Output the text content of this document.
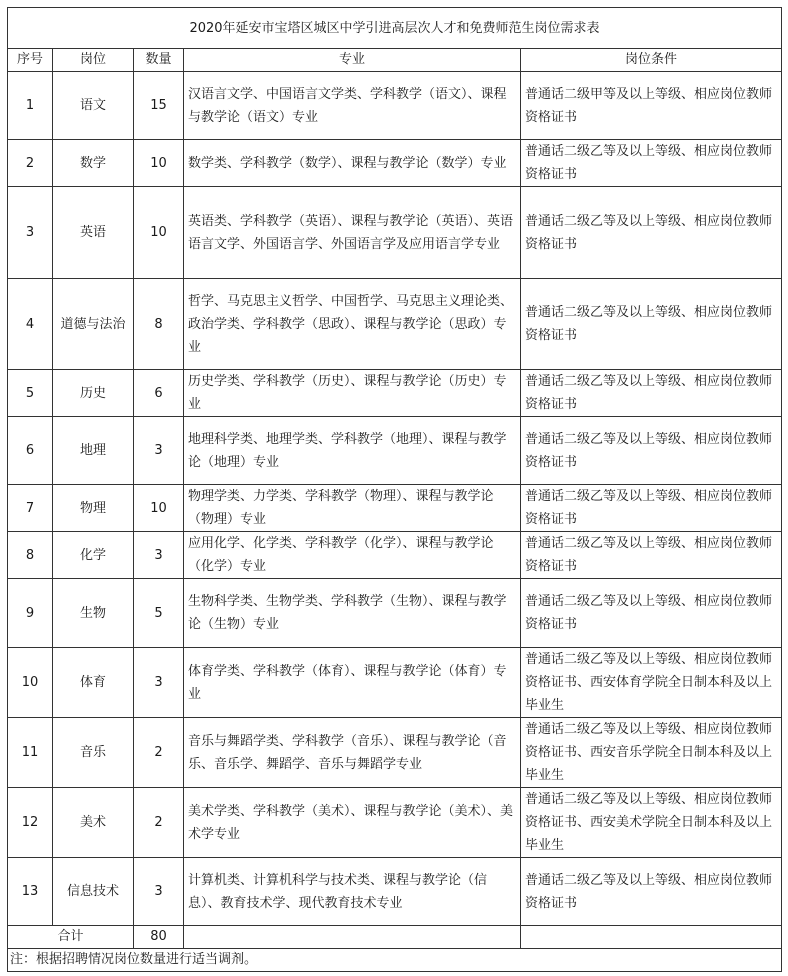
2020年延安市宝塔区城区中学引进高层次人才和免费师范生岗位需求表				
序号	岗位	数量	专业	岗位条件
1	语文	15	汉语言文学、中国语言文学类、学科教学（语文）、课程与教学论（语文）专业	普通话二级甲等及以上等级、相应岗位教师资格证书
2	数学	10	数学类、学科教学（数学）、课程与教学论（数学）专业	普通话二级乙等及以上等级、相应岗位教师资格证书
3	英语	10	英语类、学科教学（英语）、课程与教学论（英语）、英语语言文学、外国语言学、外国语言学及应用语言学专业	普通话二级乙等及以上等级、相应岗位教师资格证书
4	道德与法治	8	哲学、马克思主义哲学、中国哲学、马克思主义理论类、政治学类、学科教学（思政）、课程与教学论（思政）专业	普通话二级乙等及以上等级、相应岗位教师资格证书
5	历史	6	历史学类、学科教学（历史）、课程与教学论（历史）专业	普通话二级乙等及以上等级、相应岗位教师资格证书
6	地理	3	地理科学类、地理学类、学科教学（地理）、课程与教学论（地理）专业	普通话二级乙等及以上等级、相应岗位教师资格证书
7	物理	10	物理学类、力学类、学科教学（物理）、课程与教学论（物理）专业	普通话二级乙等及以上等级、相应岗位教师资格证书
8	化学	3	应用化学、化学类、学科教学（化学）、课程与教学论（化学）专业	普通话二级乙等及以上等级、相应岗位教师资格证书
9	生物	5	生物科学类、生物学类、学科教学（生物）、课程与教学论（生物）专业	普通话二级乙等及以上等级、相应岗位教师资格证书
10	体育	3	体育学类、学科教学（体育）、课程与教学论（体育）专业	普通话二级乙等及以上等级、相应岗位教师资格证书、西安体育学院全日制本科及以上毕业生
11	音乐	2	音乐与舞蹈学类、学科教学（音乐）、课程与教学论（音乐、音乐学、舞蹈学、音乐与舞蹈学专业	普通话二级乙等及以上等级、相应岗位教师资格证书、西安音乐学院全日制本科及以上毕业生
12	美术	2	美术学类、学科教学（美术）、课程与教学论（美术）、美术学专业	普通话二级乙等及以上等级、相应岗位教师资格证书、西安美术学院全日制本科及以上毕业生
13	信息技术	3	计算机类、计算机科学与技术类、课程与教学论（信息）、教育技术学、现代教育技术专业	普通话二级乙等及以上等级、相应岗位教师资格证书
合计		80		
注：根据招聘情况岗位数量进行适当调剂。				
